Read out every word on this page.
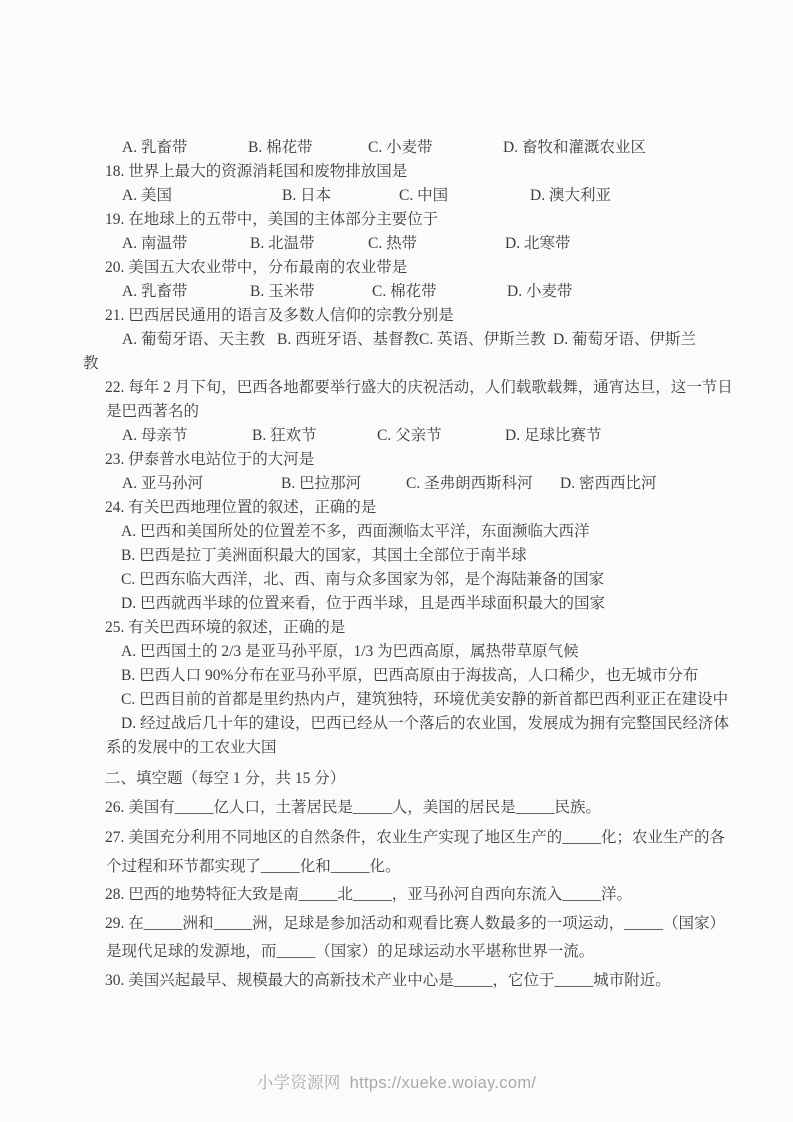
A. 乳畜带	B. 棉花带	C. 小麦带	D. 畜牧和灌溉农业区
18. 世界上最大的资源消耗国和废物排放国是
A. 美国	B. 日本	C. 中国	D. 澳大利亚
19. 在地球上的五带中，美国的主体部分主要位于
A. 南温带	B. 北温带	C. 热带	D. 北寒带
20. 美国五大农业带中，分布最南的农业带是
A. 乳畜带	B. 玉米带	C. 棉花带	D. 小麦带
21. 巴西居民通用的语言及多数人信仰的宗教分别是
A. 葡萄牙语、天主教 B. 西班牙语、基督教 C. 英语、伊斯兰教 D. 葡萄牙语、伊斯兰
教
22. 每年 2 月下旬，巴西各地都要举行盛大的庆祝活动，人们载歌载舞，通宵达旦，这一节日
是巴西著名的
A. 母亲节	B. 狂欢节	C. 父亲节	D. 足球比赛节
23. 伊泰普水电站位于的大河是
A. 亚马孙河	B. 巴拉那河	C. 圣弗朗西斯科河 D. 密西西比河
24. 有关巴西地理位置的叙述，正确的是
A. 巴西和美国所处的位置差不多，西面濒临太平洋，东面濒临大西洋
B. 巴西是拉丁美洲面积最大的国家，其国土全部位于南半球
C. 巴西东临大西洋，北、西、南与众多国家为邻，是个海陆兼备的国家
D. 巴西就西半球的位置来看，位于西半球，且是西半球面积最大的国家
25. 有关巴西环境的叙述，正确的是
A. 巴西国土的 2/3 是亚马孙平原，1/3 为巴西高原，属热带草原气候
B. 巴西人口 90%分布在亚马孙平原，巴西高原由于海拔高，人口稀少，也无城市分布
C. 巴西目前的首都是里约热内卢，建筑独特，环境优美安静的新首都巴西利亚正在建设中
D. 经过战后几十年的建设，巴西已经从一个落后的农业国，发展成为拥有完整国民经济体
系的发展中的工农业大国
二、填空题（每空 1 分，共 15 分）
26. 美国有_____亿人口，土著居民是_____人，美国的居民是_____民族。
27. 美国充分利用不同地区的自然条件，农业生产实现了地区生产的_____化；农业生产的各
个过程和环节都实现了_____化和_____化。
28. 巴西的地势特征大致是南_____北_____，亚马孙河自西向东流入_____洋。
29. 在_____洲和_____洲，足球是参加活动和观看比赛人数最多的一项运动，_____（国家）
是现代足球的发源地，而_____（国家）的足球运动水平堪称世界一流。
30. 美国兴起最早、规模最大的高新技术产业中心是_____，它位于_____城市附近。
小学资源网 https://xueke.woiay.com/
